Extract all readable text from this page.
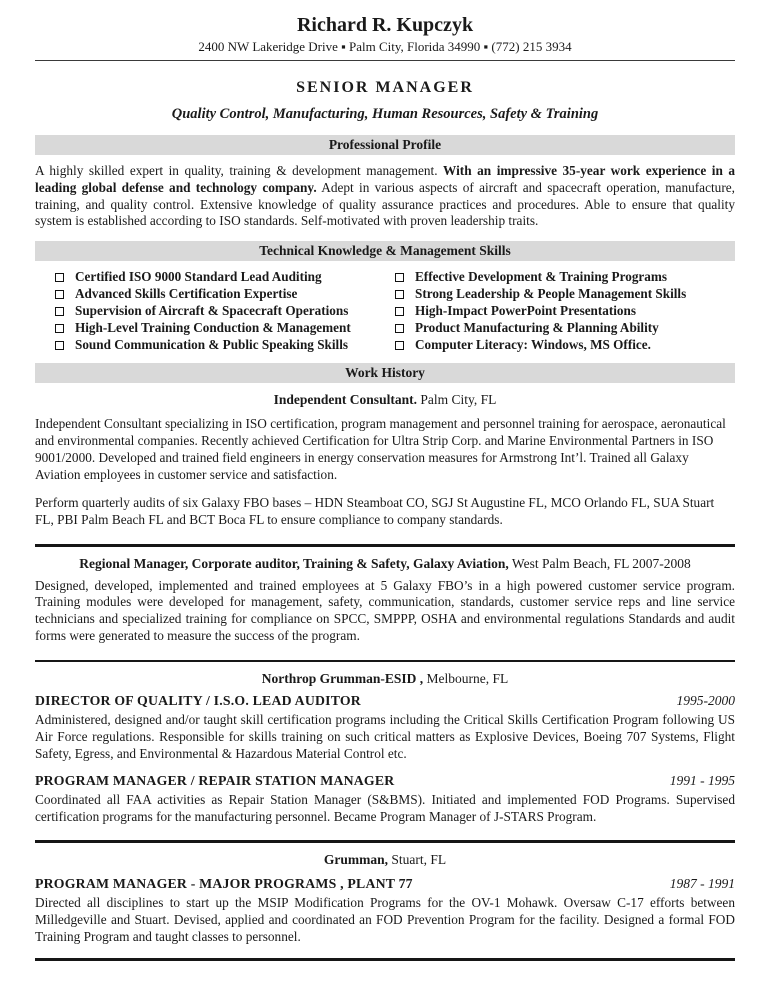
Richard R. Kupczyk
2400 NW Lakeridge Drive ▪ Palm City, Florida 34990 ▪ (772) 215 3934
SENIOR MANAGER
Quality Control, Manufacturing, Human Resources, Safety & Training
Professional Profile

A highly skilled expert in quality, training & development management. With an impressive 35-year work experience in a leading global defense and technology company. Adept in various aspects of aircraft and spacecraft operation, manufacture, training, and quality control. Extensive knowledge of quality assurance practices and procedures. Able to ensure that quality system is established according to ISO standards. Self-motivated with proven leadership traits.

Technical Knowledge & Management Skills
Certified ISO 9000 Standard Lead Auditing	Effective Development & Training Programs
Advanced Skills Certification Expertise	Strong Leadership & People Management Skills
Supervision of Aircraft & Spacecraft Operations	High-Impact PowerPoint Presentations
High-Level Training Conduction & Management	Product Manufacturing & Planning Ability
Sound Communication & Public Speaking Skills	Computer Literacy: Windows, MS Office.
Work History
Independent Consultant. Palm City, FL

Independent Consultant specializing in ISO certification, program management and personnel training for aerospace, aeronautical and environmental companies. Recently achieved Certification for Ultra Strip Corp. and Marine Environmental Partners in ISO 9001/2000. Developed and trained field engineers in energy conservation measures for Armstrong Int’l. Trained all Galaxy Aviation employees in customer service and satisfaction.

Perform quarterly audits of six Galaxy FBO bases – HDN Steamboat CO, SGJ St Augustine FL, MCO Orlando FL, SUA Stuart FL, PBI Palm Beach FL and BCT Boca FL to ensure compliance to company standards.

Regional Manager, Corporate auditor, Training & Safety, Galaxy Aviation, West Palm Beach, FL 2007-2008

Designed, developed, implemented and trained employees at 5 Galaxy FBO’s in a high powered customer service program. Training modules were developed for management, safety, communication, standards, customer service reps and line service technicians and specialized training for compliance on SPCC, SMPPP, OSHA and environmental regulations Standards and audit forms were generated to measure the success of the program.

Northrop Grumman-ESID , Melbourne, FL
DIRECTOR OF QUALITY / I.S.O. LEAD AUDITOR	1995-2000

Administered, designed and/or taught skill certification programs including the Critical Skills Certification Program following US Air Force regulations. Responsible for skills training on such critical matters as Explosive Devices, Boeing 707 Systems, Flight Safety, Egress, and Environmental & Hazardous Material Control etc.

PROGRAM MANAGER / REPAIR STATION MANAGER	1991 - 1995

Coordinated all FAA activities as Repair Station Manager (S&BMS). Initiated and implemented FOD Programs. Supervised certification programs for the manufacturing personnel. Became Program Manager of J-STARS Program.

Grumman, Stuart, FL
PROGRAM MANAGER - MAJOR PROGRAMS , PLANT 77	1987 - 1991

Directed all disciplines to start up the MSIP Modification Programs for the OV-1 Mohawk. Oversaw C-17 efforts between Milledgeville and Stuart. Devised, applied and coordinated an FOD Prevention Program for the facility. Designed a formal FOD Training Program and taught classes to personnel.
